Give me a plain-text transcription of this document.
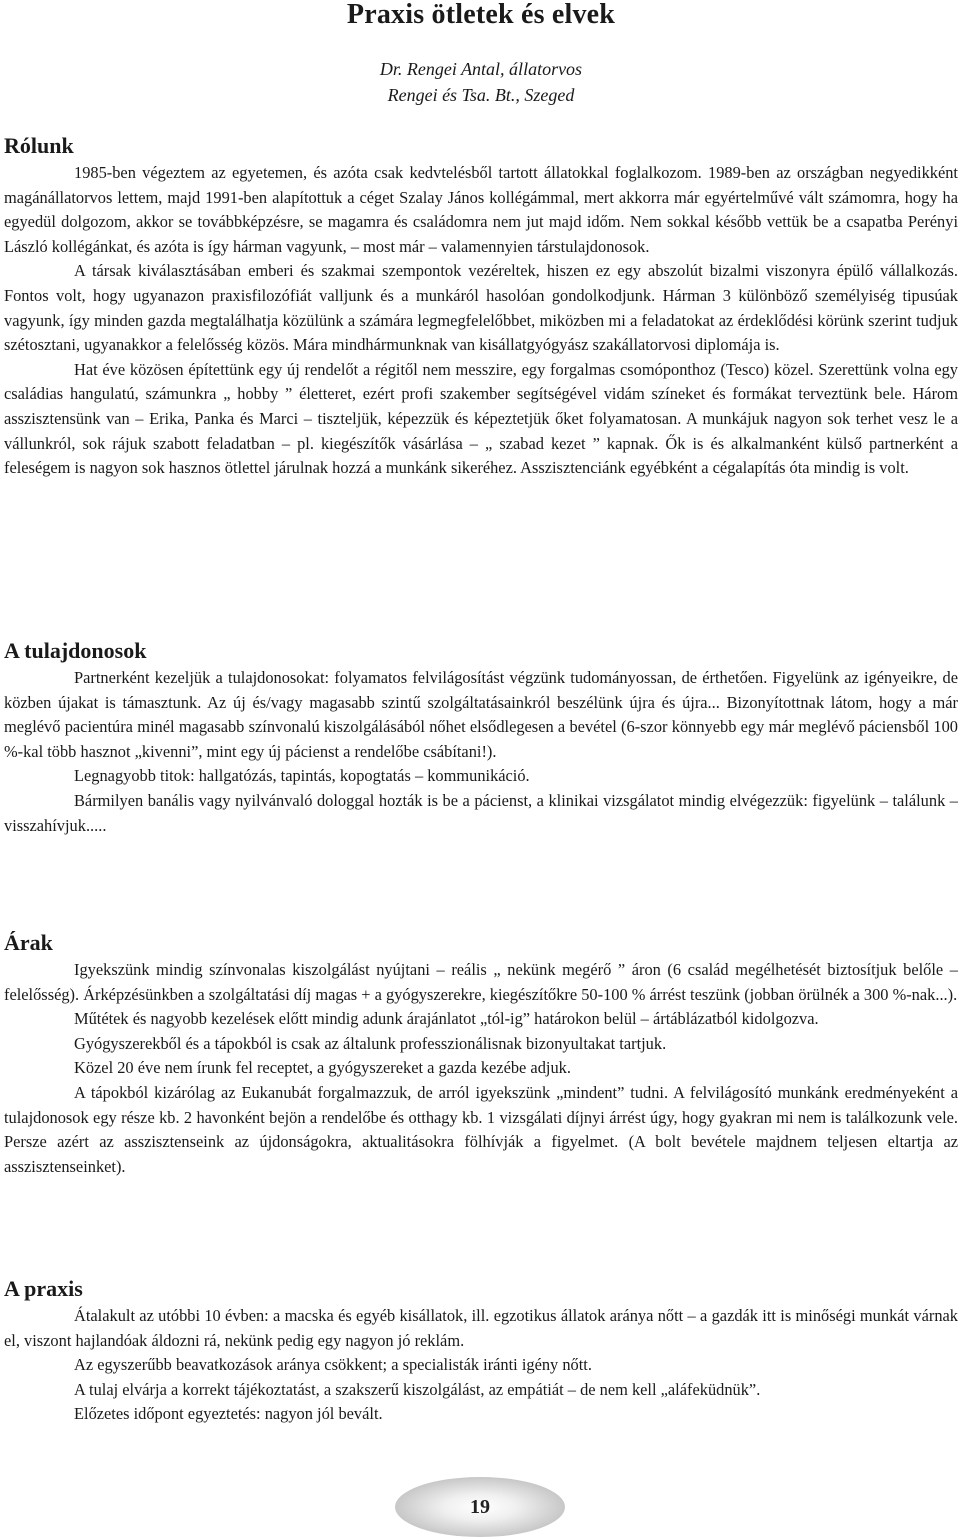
Praxis ötletek és elvek
Dr. Rengei Antal, állatorvos
Rengei és Tsa. Bt., Szeged
Rólunk

1985-ben végeztem az egyetemen, és azóta csak kedvtelésből tartott állatokkal foglalkozom. 1989-ben az országban negyedikként magánállatorvos lettem, majd 1991-ben alapítottuk a céget Szalay János kollégámmal, mert akkorra már egyértelművé vált számomra, hogy ha egyedül dolgozom, akkor se továbbképzésre, se magamra és családomra nem jut majd időm. Nem sokkal később vettük be a csapatba Perényi László kollégánkat, és azóta is így hárman vagyunk, – most már – valamennyien társtulajdonosok.

A társak kiválasztásában emberi és szakmai szempontok vezéreltek, hiszen ez egy abszolút bizalmi viszonyra épülő vállalkozás. Fontos volt, hogy ugyanazon praxisfilozófiát valljunk és a munkáról hasolóan gondolkodjunk. Hárman 3 különböző személyiség tipusúak vagyunk, így minden gazda megtalálhatja közülünk a számára legmegfelelőbbet, miközben mi a feladatokat az érdeklődési körünk szerint tudjuk szétosztani, ugyanakkor a felelősség közös. Mára mindhármunknak van kisállatgyógyász szakállatorvosi diplomája is.

Hat éve közösen építettünk egy új rendelőt a régitől nem messzire, egy forgalmas csomóponthoz (Tesco) közel. Szerettünk volna egy családias hangulatú, számunkra „ hobby ” életteret, ezért profi szakember segítségével vidám színeket és formákat terveztünk bele. Három asszisztensünk van – Erika, Panka és Marci – tiszteljük, képezzük és képeztetjük őket folyamatosan. A munkájuk nagyon sok terhet vesz le a vállunkról, sok rájuk szabott feladatban – pl. kiegészítők vásárlása – „ szabad kezet ” kapnak. Ők is és alkalmanként külső partnerként a feleségem is nagyon sok hasznos ötlettel járulnak hozzá a munkánk sikeréhez. Asszisztenciánk egyébként a cégalapítás óta mindig is volt.

A tulajdonosok

Partnerként kezeljük a tulajdonosokat: folyamatos felvilágosítást végzünk tudományossan, de érthetően. Figyelünk az igényeikre, de közben újakat is támasztunk. Az új és/vagy magasabb szintű szolgáltatásainkról beszélünk újra és újra... Bizonyítottnak látom, hogy a már meglévő pacientúra minél magasabb színvonalú kiszolgálásából nőhet elsődlegesen a bevétel (6-szor könnyebb egy már meglévő páciensből 100 %-kal több hasznot „kivenni”, mint egy új pácienst a rendelőbe csábítani!).

Legnagyobb titok: hallgatózás, tapintás, kopogtatás – kommunikáció.

Bármilyen banális vagy nyilvánvaló dologgal hozták is be a pácienst, a klinikai vizsgálatot mindig elvégezzük: figyelünk – találunk – visszahívjuk.....

Árak

Igyekszünk mindig színvonalas kiszolgálást nyújtani – reális „ nekünk megérő ” áron (6 család megélhetését biztosítjuk belőle – felelősség). Árképzésünkben a szolgáltatási díj magas + a gyógyszerekre, kiegészítőkre 50-100 % árrést teszünk (jobban örülnék a 300 %-nak...).

Műtétek és nagyobb kezelések előtt mindig adunk árajánlatot „tól-ig” határokon belül – ártáblázatból kidolgozva.

Gyógyszerekből és a tápokból is csak az általunk professzionálisnak bizonyultakat tartjuk.

Közel 20 éve nem írunk fel receptet, a gyógyszereket a gazda kezébe adjuk.

A tápokból kizárólag az Eukanubát forgalmazzuk, de arról igyekszünk „mindent” tudni. A felvilágosító munkánk eredményeként a tulajdonosok egy része kb. 2 havonként bejön a rendelőbe és otthagy kb. 1 vizsgálati díjnyi árrést úgy, hogy gyakran mi nem is találkozunk vele. Persze azért az asszisztenseink az újdonságokra, aktualitásokra fölhívják a figyelmet. (A bolt bevétele majdnem teljesen eltartja az asszisztenseinket).

A praxis

Átalakult az utóbbi 10 évben: a macska és egyéb kisállatok, ill. egzotikus állatok aránya nőtt – a gazdák itt is minőségi munkát várnak el, viszont hajlandóak áldozni rá, nekünk pedig egy nagyon jó reklám.

Az egyszerűbb beavatkozások aránya csökkent; a specialisták iránti igény nőtt.

A tulaj elvárja a korrekt tájékoztatást, a szakszerű kiszolgálást, az empátiát – de nem kell „aláfeküdnük”.

Előzetes időpont egyeztetés: nagyon jól bevált.

19
